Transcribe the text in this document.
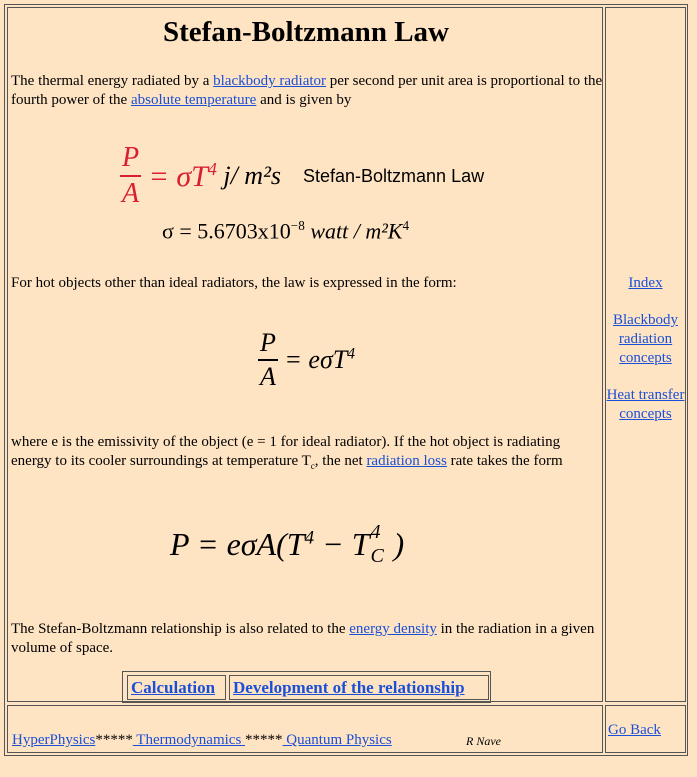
Stefan-Boltzmann Law
The thermal energy radiated by a blackbody radiator per second per unit area is proportional to the fourth power of the absolute temperature and is given by
$\frac{P}{A} = \sigma T^4$ j/ m²s Stefan-Boltzmann Law
$\sigma = 5.6703x10^{-8}$ watt / $m^2K^4$
For hot objects other than ideal radiators, the law is expressed in the form:
$\frac{P}{A} = e\sigma T^4$
where e is the emissivity of the object (e = 1 for ideal radiator). If the hot object is radiating energy to its cooler surroundings at temperature $T_c$, the net radiation loss rate takes the form
$P = e\sigma A(T^4 - T$ 4
C )
The Stefan-Boltzmann relationship is also related to the energy density in the radiation in a given volume of space.
Calculation	Development of the relationship
Index
Blackbody radiation concepts
Heat transfer concepts
HyperPhysics***** Thermodynamics ***** Quantum Physics	R Nave
Go Back
